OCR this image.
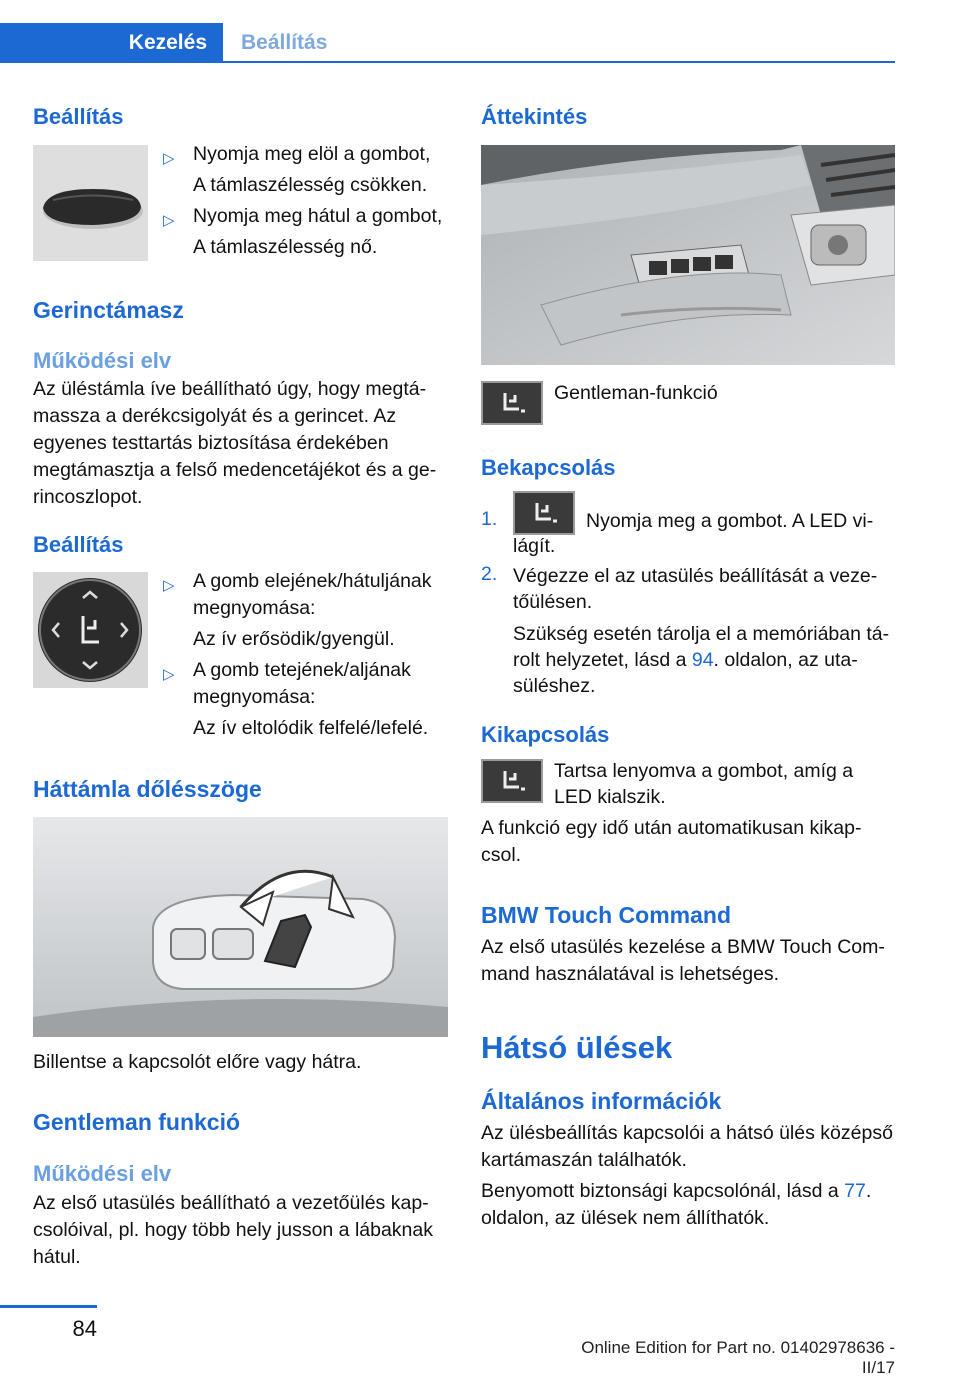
Kezelés	Beállítás
Beállítás
▷ Nyomja meg elöl a gombot,
A támlaszélesség csökken.
▷ Nyomja meg hátul a gombot,
A támlaszélesség nő.
Gerinctámasz
Működési elv
Az üléstámla íve beállítható úgy, hogy megtá‐
massza a derékcsigolyát és a gerincet. Az
egyenes testtartás biztosítása érdekében
megtámasztja a felső medencetájékot és a ge‐
rincoszlopot.
Beállítás
▷ A gomb elejének/hátuljának
megnyomása:
Az ív erősödik/gyengül.
▷ A gomb tetejének/aljának
megnyomása:
Az ív eltolódik felfelé/lefelé.
Háttámla dőlésszöge
Billentse a kapcsolót előre vagy hátra.
Gentleman funkció
Működési elv
Az első utasülés beállítható a vezetőülés kap‐
csolóival, pl. hogy több hely jusson a lábaknak
hátul.
Áttekintés
Gentleman-funkció
Bekapcsolás
1.	Nyomja meg a gombot. A LED vi‐
lágít.
2. Végezze el az utasülés beállítását a veze‐
tőülésen.
Szükség esetén tárolja el a memóriában tá‐
rolt helyzetet, lásd a 94. oldalon, az uta‐
süléshez.
Kikapcsolás
Tartsa lenyomva a gombot, amíg a
LED kialszik.
A funkció egy idő után automatikusan kikap‐
csol.
BMW Touch Command
Az első utasülés kezelése a BMW Touch Com‐
mand használatával is lehetséges.
Hátsó ülések
Általános információk
Az ülésbeállítás kapcsolói a hátsó ülés középső
kartámaszán találhatók.
Benyomott biztonsági kapcsolónál, lásd a 77.
oldalon, az ülések nem állíthatók.
84
Online Edition for Part no. 01402978636 - II/17
